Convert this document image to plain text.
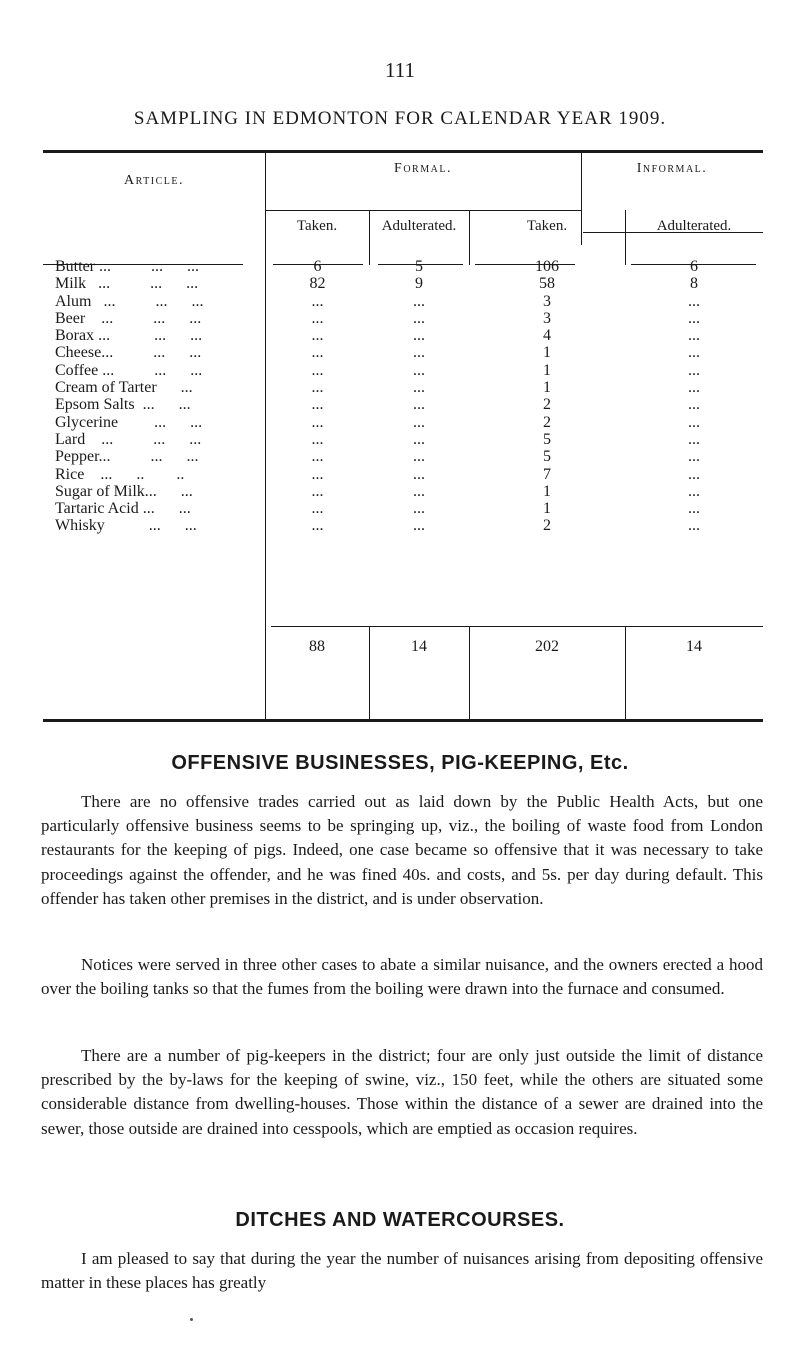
111
SAMPLING IN EDMONTON FOR CALENDAR YEAR 1909.
Article.
Formal.	Informal.
Taken.	Adulterated.	Taken.	Adulterated.
Butter ...          ...      ...	6	5	106	6
Milk   ...          ...      ...	82	9	58	8
Alum   ...          ...      ...	...	...	3	...
Beer    ...          ...      ...	...	...	3	...
Borax ...           ...      ...	...	...	4	...
Cheese...          ...      ...	...	...	1	...
Coffee ...          ...      ...	...	...	1	...
Cream of Tarter      ...	...	...	1	...
Epsom Salts  ...      ...	...	...	2	...
Glycerine         ...      ...	...	...	2	...
Lard    ...          ...      ...	...	...	5	...
Pepper...          ...      ...	...	...	5	...
Rice    ...      ..        ..	...	...	7	...
Sugar of Milk...      ...	...	...	1	...
Tartaric Acid ...      ...	...	...	1	...
Whisky           ...      ...	...	...	2	...
88	14	202	14
OFFENSIVE BUSINESSES, PIG-KEEPING, Etc.

There are no offensive trades carried out as laid down by the Public Health Acts, but one particularly offensive business seems to be springing up, viz., the boiling of waste food from London restaurants for the keeping of pigs. Indeed, one case became so offensive that it was necessary to take proceedings against the offender, and he was fined 40s. and costs, and 5s. per day during default. This offender has taken other premises in the district, and is under observation.

Notices were served in three other cases to abate a similar nuisance, and the owners erected a hood over the boiling tanks so that the fumes from the boiling were drawn into the furnace and consumed.

There are a number of pig-keepers in the district; four are only just outside the limit of distance prescribed by the by-laws for the keeping of swine, viz., 150 feet, while the others are situated some considerable distance from dwelling-houses. Those within the distance of a sewer are drained into the sewer, those outside are drained into cesspools, which are emptied as occasion requires.

DITCHES AND WATERCOURSES.

I am pleased to say that during the year the number of nuisances arising from depositing offensive matter in these places has greatly
